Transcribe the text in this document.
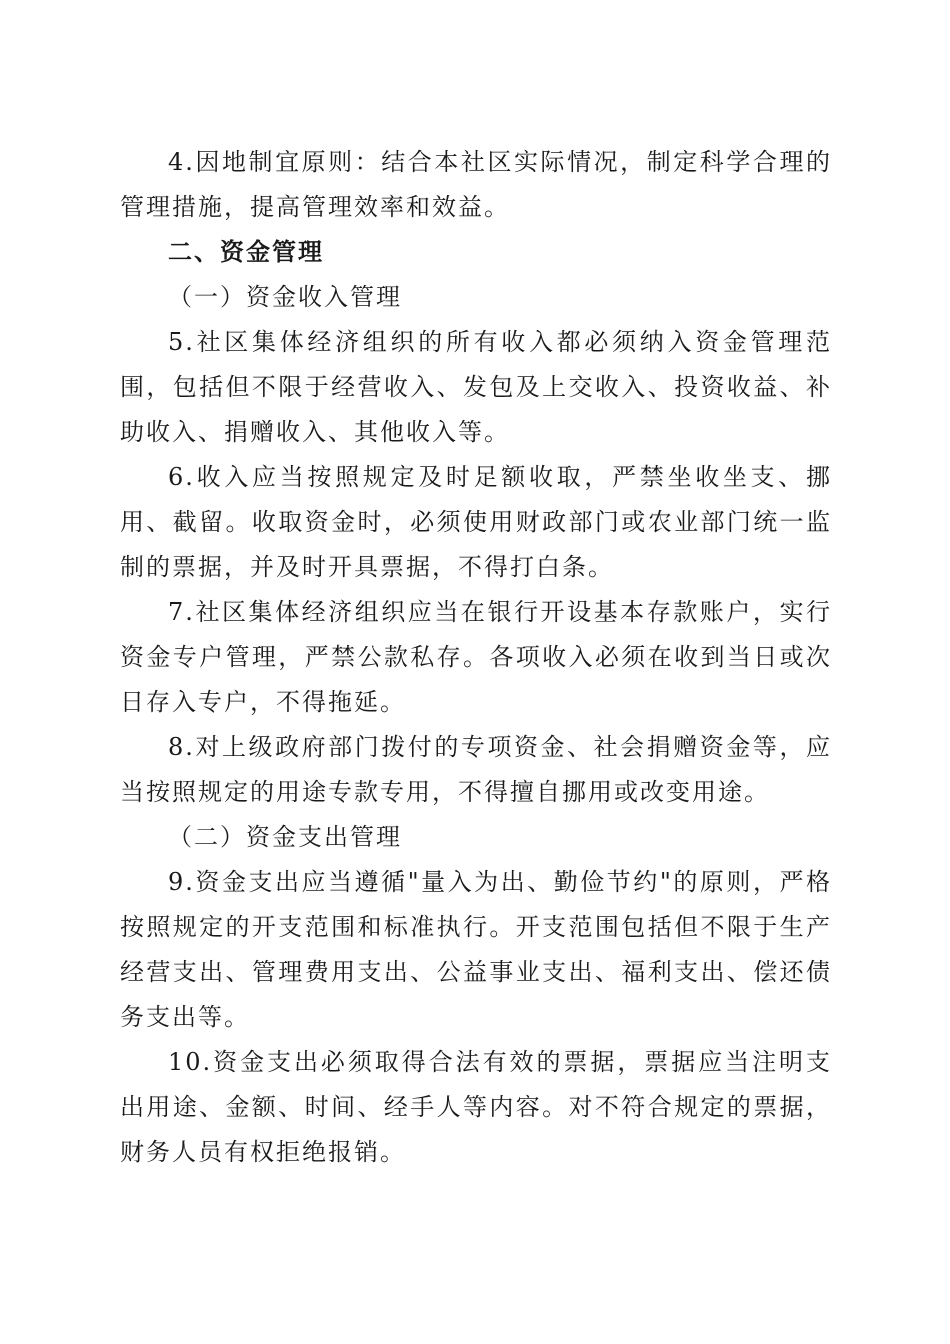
4.因地制宜原则：结合本社区实际情况，制定科学合理的管理措施，提高管理效率和效益。

二、资金管理

（一）资金收入管理

5.社区集体经济组织的所有收入都必须纳入资金管理范围，包括但不限于经营收入、发包及上交收入、投资收益、补助收入、捐赠收入、其他收入等。

6.收入应当按照规定及时足额收取，严禁坐收坐支、挪用、截留。收取资金时，必须使用财政部门或农业部门统一监制的票据，并及时开具票据，不得打白条。

7.社区集体经济组织应当在银行开设基本存款账户，实行资金专户管理，严禁公款私存。各项收入必须在收到当日或次日存入专户，不得拖延。

8.对上级政府部门拨付的专项资金、社会捐赠资金等，应当按照规定的用途专款专用，不得擅自挪用或改变用途。

（二）资金支出管理

9.资金支出应当遵循"量入为出、勤俭节约"的原则，严格按照规定的开支范围和标准执行。开支范围包括但不限于生产经营支出、管理费用支出、公益事业支出、福利支出、偿还债务支出等。

10.资金支出必须取得合法有效的票据，票据应当注明支出用途、金额、时间、经手人等内容。对不符合规定的票据，财务人员有权拒绝报销。
